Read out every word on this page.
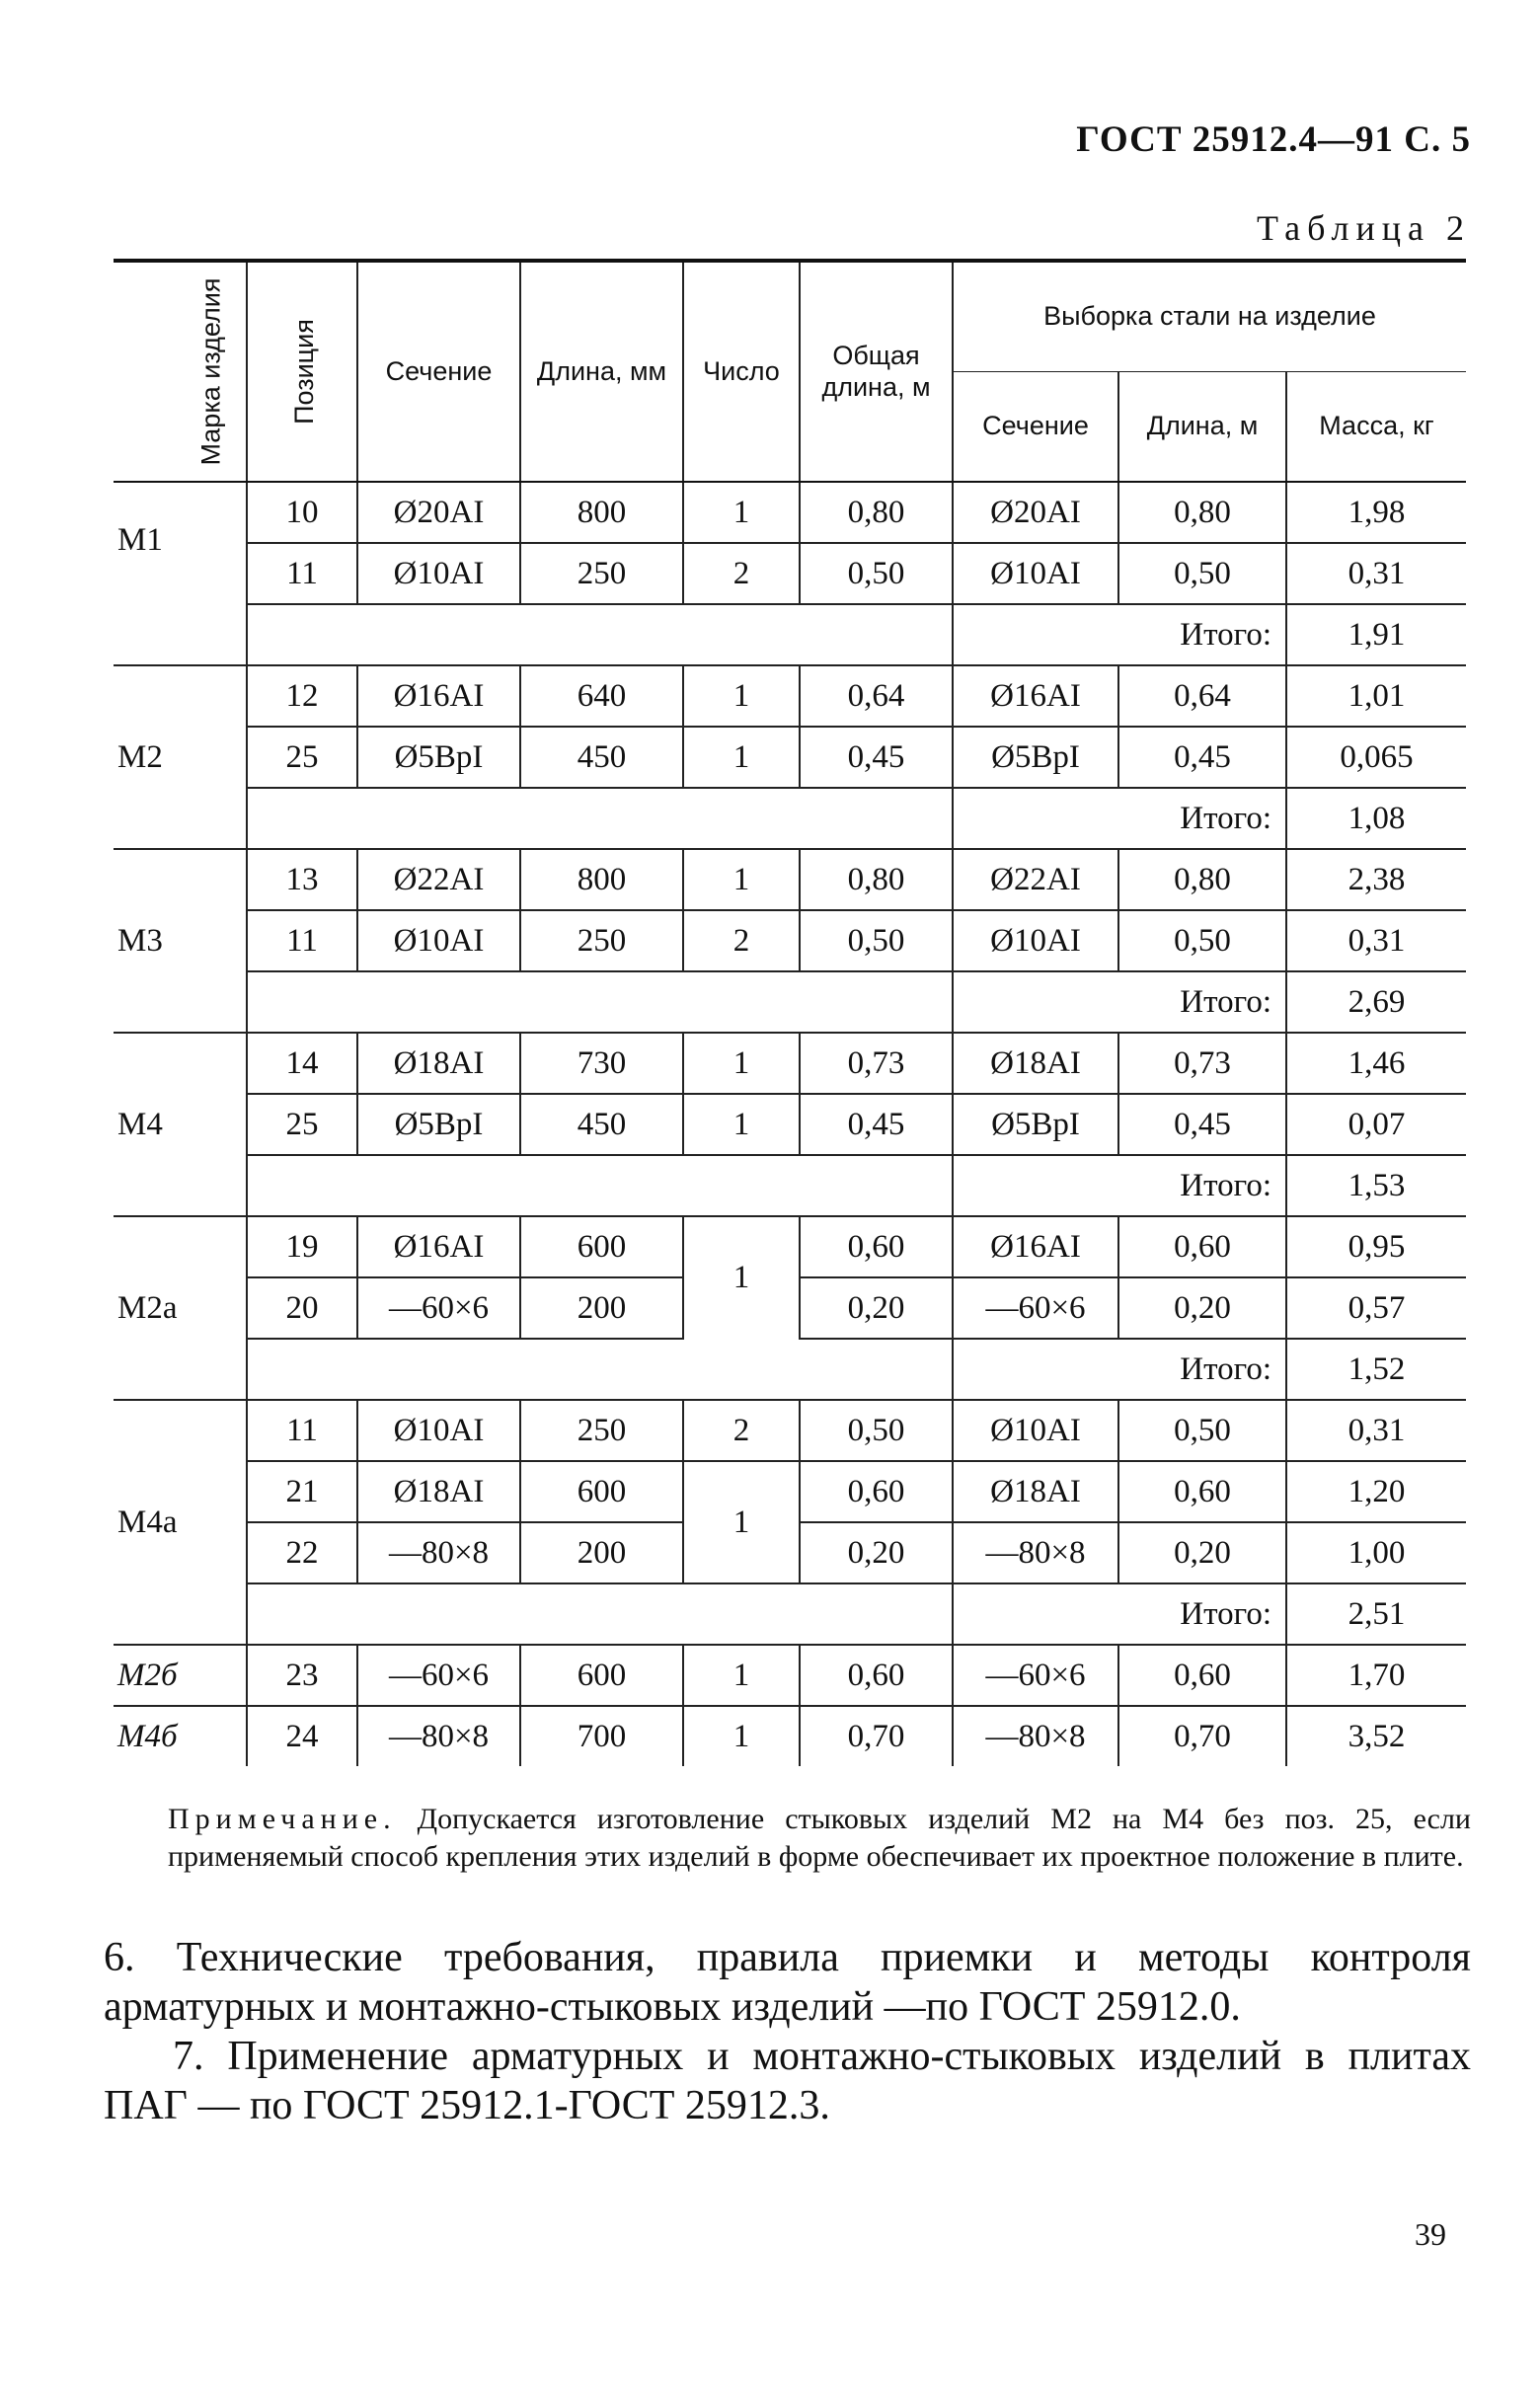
ГОСТ 25912.4—91 С. 5
Таблица 2
Марка изделия	Позиция	Сечение	Длина, мм	Число	Общая длина, м	Выборка стали на изделие		
						Сечение	Длина, м	Масса, кг
M1	10	Ø20AI	800	1	0,80	Ø20AI	0,80	1,98
	11	Ø10AI	250	2	0,50	Ø10AI	0,50	0,31
						Итого:		1,91
M2	12	Ø16AI	640	1	0,64	Ø16AI	0,64	1,01
	25	Ø5BpI	450	1	0,45	Ø5BpI	0,45	0,065
						Итого:		1,08
M3	13	Ø22AI	800	1	0,80	Ø22AI	0,80	2,38
	11	Ø10AI	250	2	0,50	Ø10AI	0,50	0,31
						Итого:		2,69
M4	14	Ø18AI	730	1	0,73	Ø18AI	0,73	1,46
	25	Ø5BpI	450	1	0,45	Ø5BpI	0,45	0,07
						Итого:		1,53
M2a	19	Ø16AI	600	1	0,60	Ø16AI	0,60	0,95
	20	—60×6	200		0,20	—60×6	0,20	0,57
						Итого:		1,52
M4a	11	Ø10AI	250	2	0,50	Ø10AI	0,50	0,31
	21	Ø18AI	600	1	0,60	Ø18AI	0,60	1,20
	22	—80×8	200		0,20	—80×8	0,20	1,00
						Итого:		2,51
M2б	23	—60×6	600	1	0,60	—60×6	0,60	1,70
M4б	24	—80×8	700	1	0,70	—80×8	0,70	3,52
Примечание. Допускается изготовление стыковых изделий M2 на M4 без поз. 25, если применяемый способ крепления этих изделий в форме обеспечивает их проектное положение в плите.
6. Технические требования, правила приемки и методы контроля арматурных и монтажно-стыковых изделий —по ГОСТ 25912.0.
7. Применение арматурных и монтажно-стыковых изделий в плитах ПАГ — по ГОСТ 25912.1-ГОСТ 25912.3.
39
